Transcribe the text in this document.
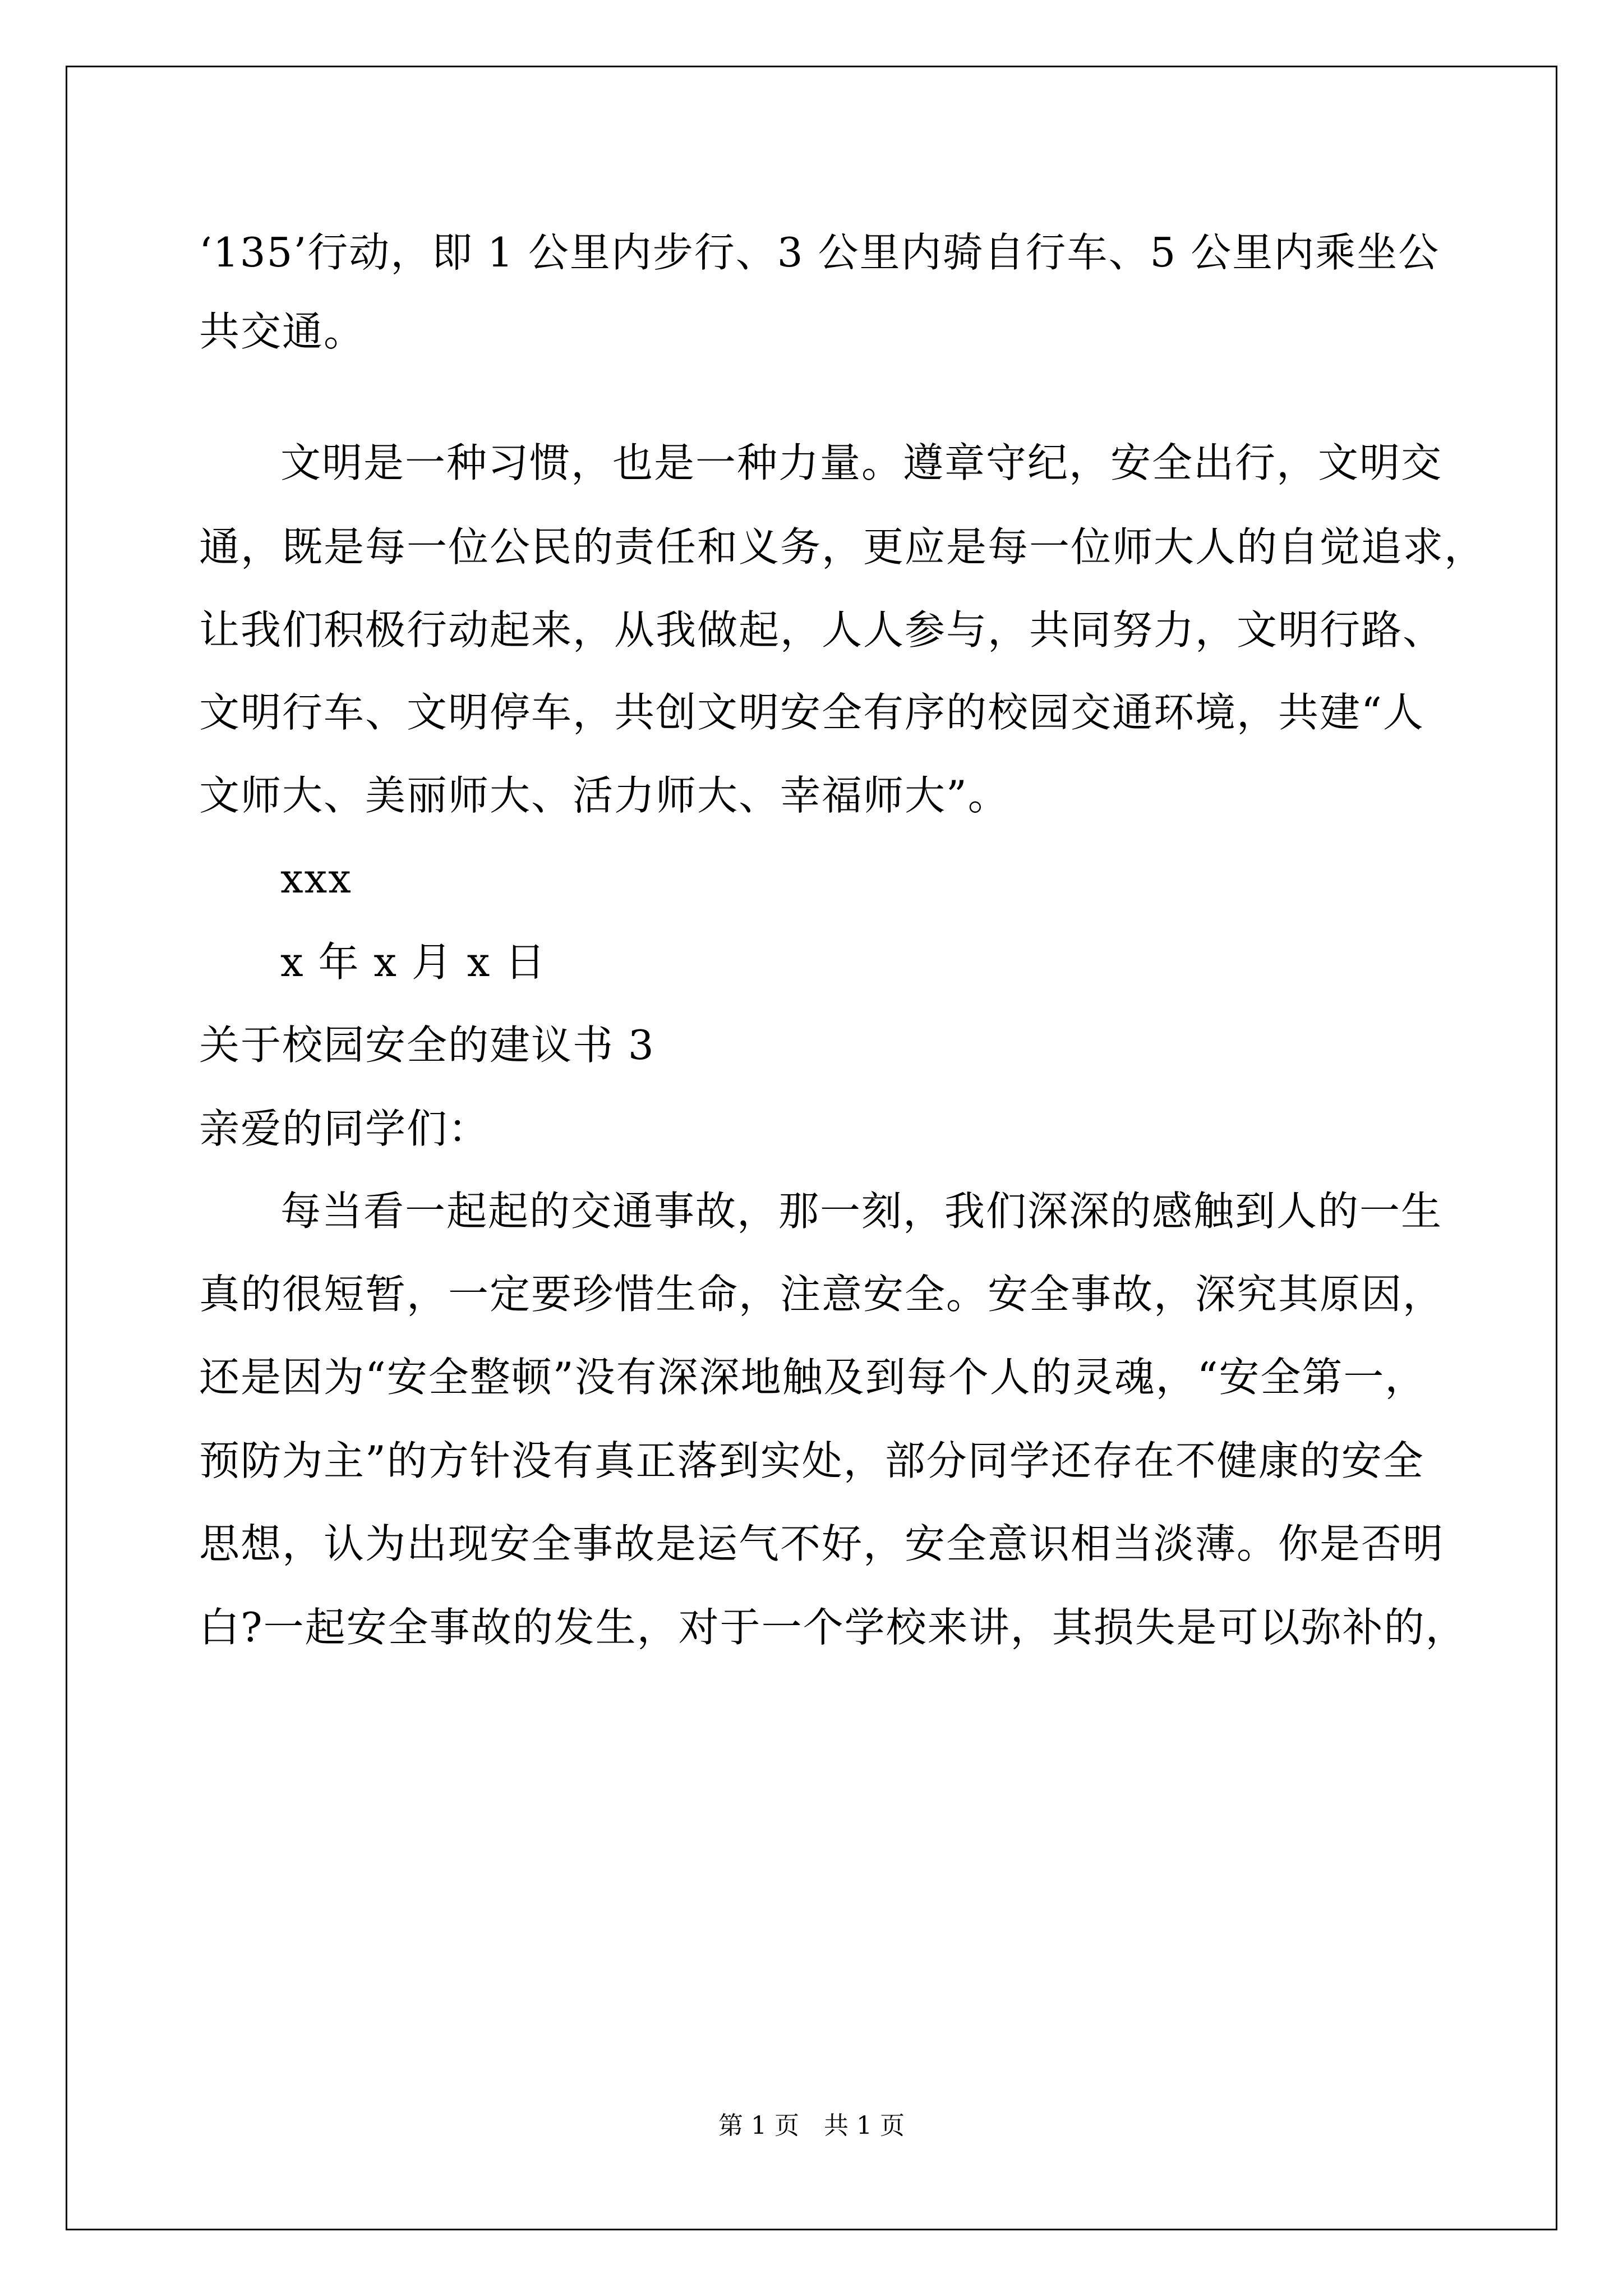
‘135’行动，即 1 公里内步行、3 公里内骑自行车、5 公里内乘坐公
共交通。
文明是一种习惯，也是一种力量。遵章守纪，安全出行，文明交
通，既是每一位公民的责任和义务，更应是每一位师大人的自觉追求，
让我们积极行动起来，从我做起，人人参与，共同努力，文明行路、
文明行车、文明停车，共创文明安全有序的校园交通环境，共建“人
文师大、美丽师大、活力师大、幸福师大”。
xxx
x 年 x 月 x 日
关于校园安全的建议书 3
亲爱的同学们：
每当看一起起的交通事故，那一刻，我们深深的感触到人的一生
真的很短暂，一定要珍惜生命，注意安全。安全事故，深究其原因，
还是因为“安全整顿”没有深深地触及到每个人的灵魂，“安全第一，
预防为主”的方针没有真正落到实处，部分同学还存在不健康的安全
思想，认为出现安全事故是运气不好，安全意识相当淡薄。你是否明
白?一起安全事故的发生，对于一个学校来讲，其损失是可以弥补的，
第 1 页　共 1 页
